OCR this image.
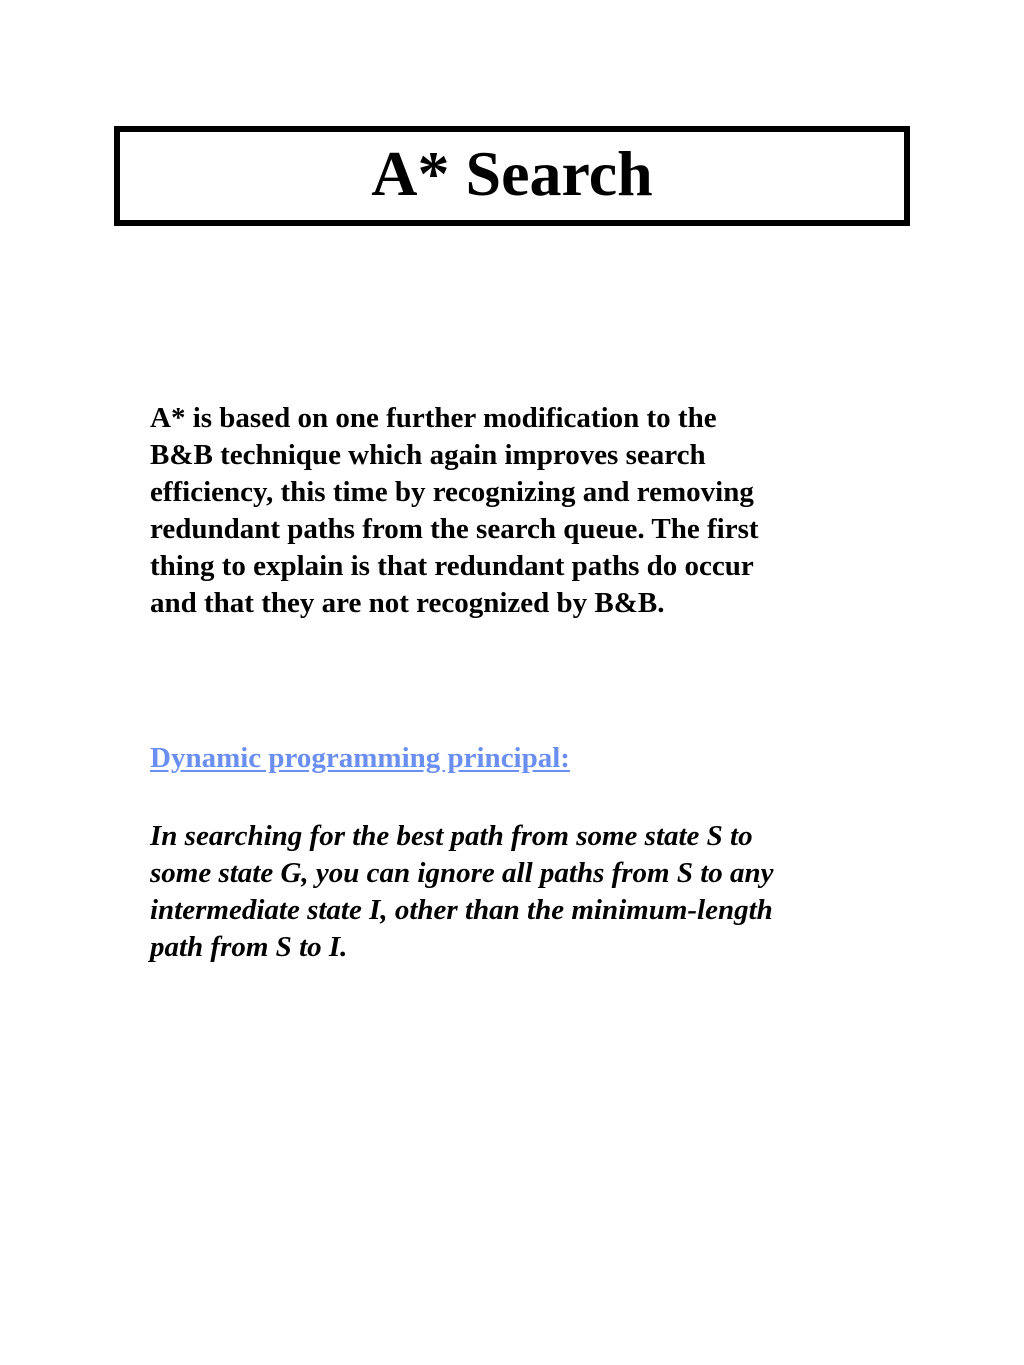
A* Search

A* is based on one further modification to the
B&B technique which again improves search
efficiency, this time by recognizing and removing
redundant paths from the search queue. The first
thing to explain is that redundant paths do occur
and that they are not recognized by B&B.

Dynamic programming principal:

In searching for the best path from some state S to
some state G, you can ignore all paths from S to any
intermediate state I, other than the minimum-length
path from S to I.
